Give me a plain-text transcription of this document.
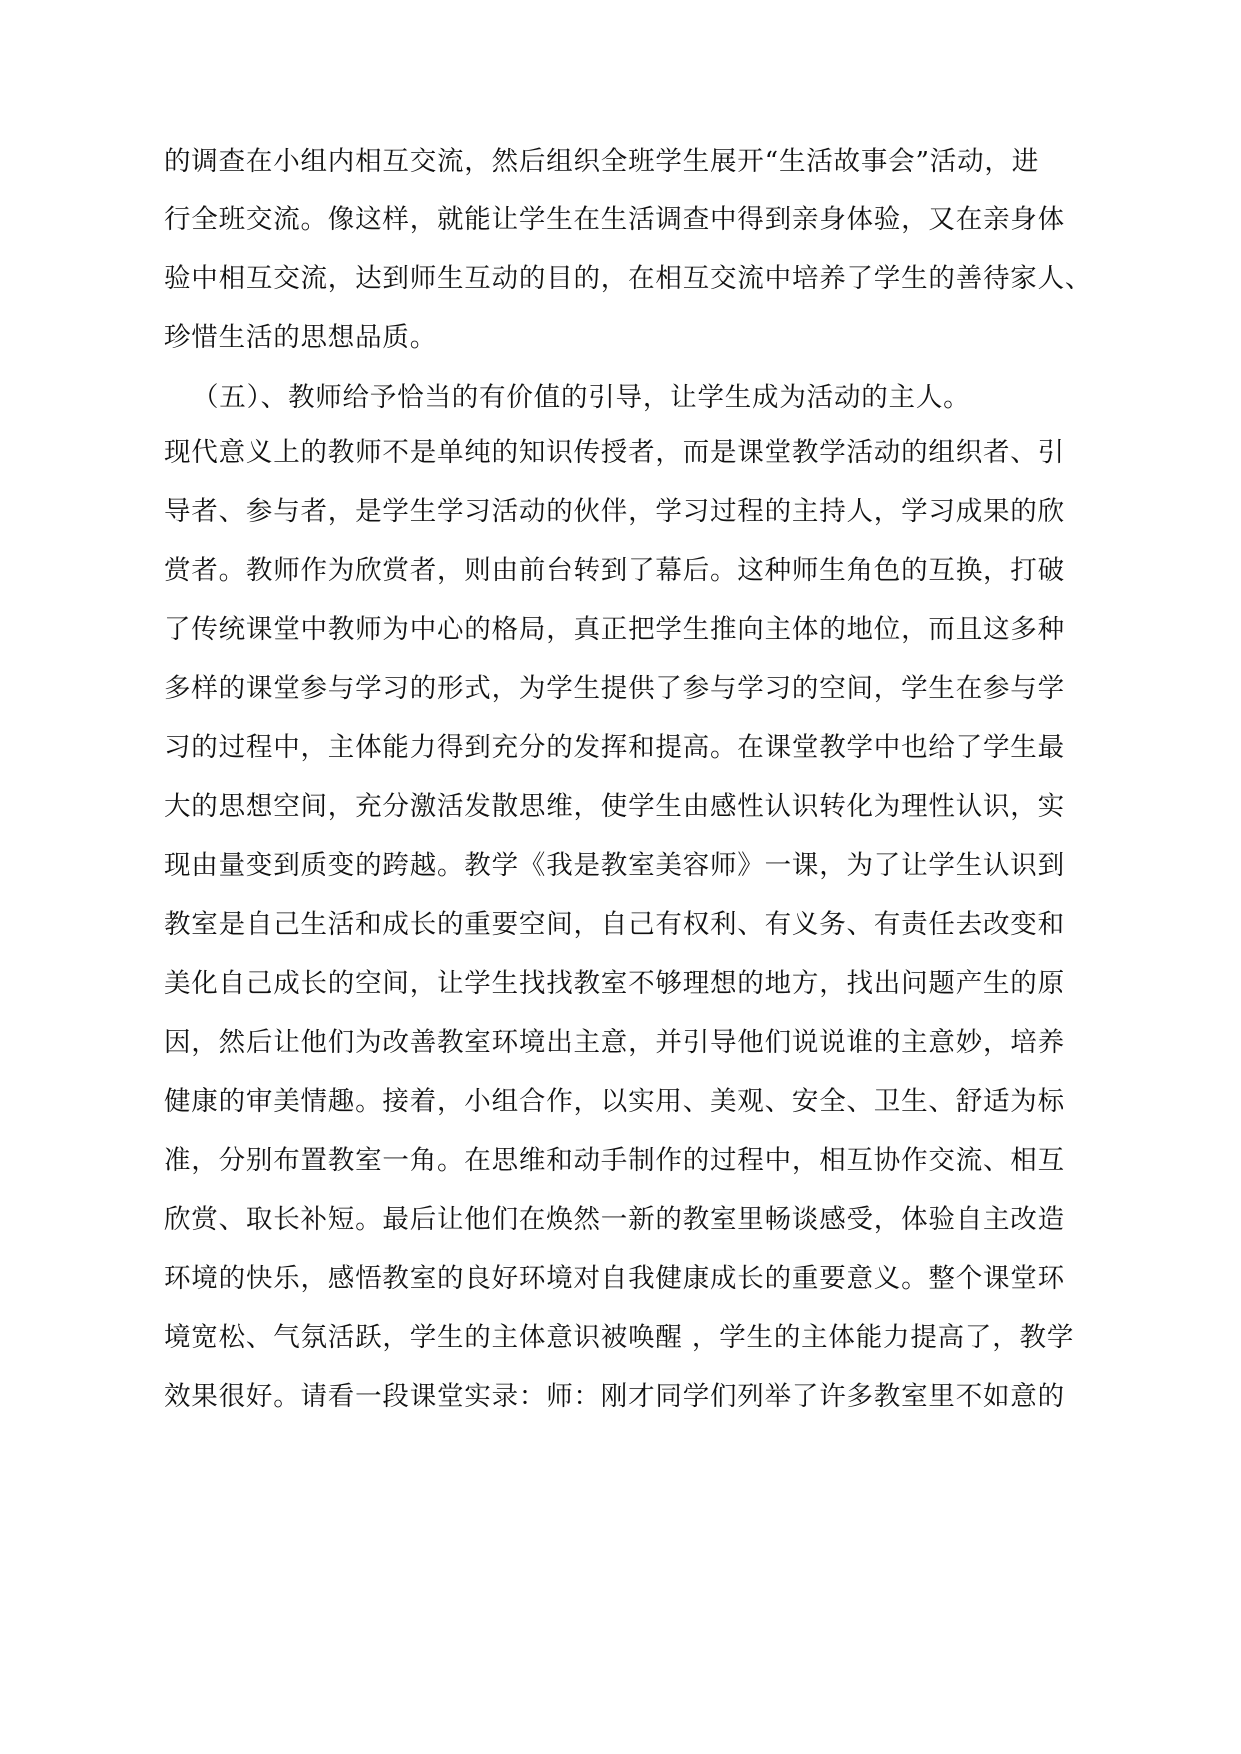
的调查在小组内相互交流，然后组织全班学生展开“生活故事会”活动，进
行全班交流。像这样，就能让学生在生活调查中得到亲身体验，又在亲身体
验中相互交流，达到师生互动的目的，在相互交流中培养了学生的善待家人、
珍惜生活的思想品质。
（五）、教师给予恰当的有价值的引导，让学生成为活动的主人。
现代意义上的教师不是单纯的知识传授者，而是课堂教学活动的组织者、引
导者、参与者，是学生学习活动的伙伴，学习过程的主持人，学习成果的欣
赏者。教师作为欣赏者，则由前台转到了幕后。这种师生角色的互换，打破
了传统课堂中教师为中心的格局，真正把学生推向主体的地位，而且这多种
多样的课堂参与学习的形式，为学生提供了参与学习的空间，学生在参与学
习的过程中，主体能力得到充分的发挥和提高。在课堂教学中也给了学生最
大的思想空间，充分激活发散思维，使学生由感性认识转化为理性认识，实
现由量变到质变的跨越。教学《我是教室美容师》一课，为了让学生认识到
教室是自己生活和成长的重要空间，自己有权利、有义务、有责任去改变和
美化自己成长的空间，让学生找找教室不够理想的地方，找出问题产生的原
因，然后让他们为改善教室环境出主意，并引导他们说说谁的主意妙，培养
健康的审美情趣。接着，小组合作，以实用、美观、安全、卫生、舒适为标
准，分别布置教室一角。在思维和动手制作的过程中，相互协作交流、相互
欣赏、取长补短。最后让他们在焕然一新的教室里畅谈感受，体验自主改造
环境的快乐，感悟教室的良好环境对自我健康成长的重要意义。整个课堂环
境宽松、气氛活跃，学生的主体意识被唤醒 ，学生的主体能力提高了，教学
效果很好。请看一段课堂实录：师：刚才同学们列举了许多教室里不如意的
